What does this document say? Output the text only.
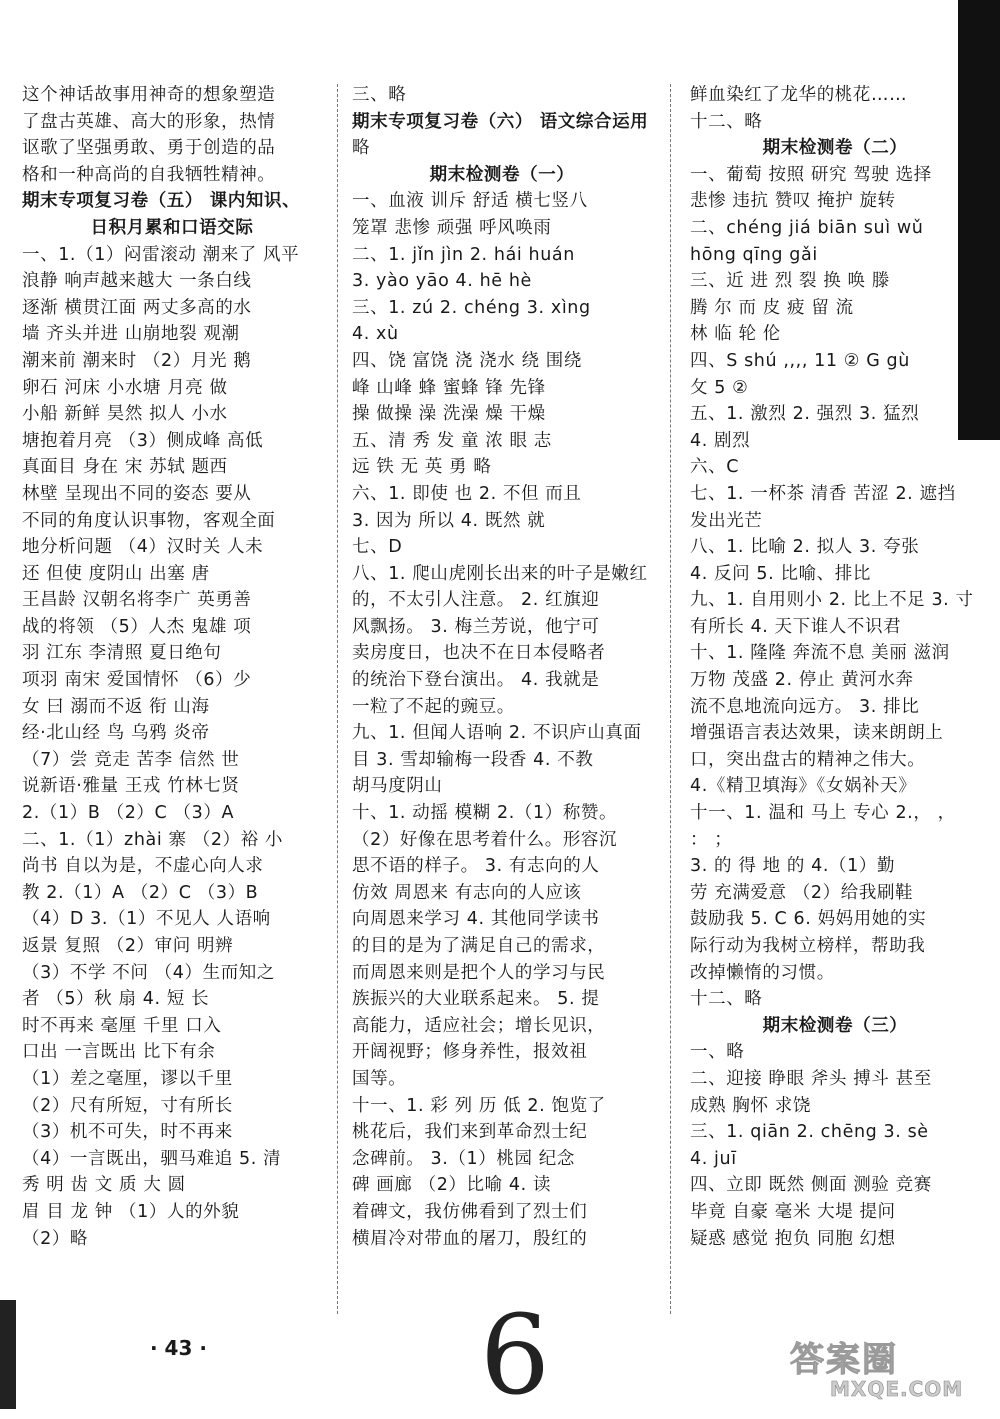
这个神话故事用神奇的想象塑造
了盘古英雄、高大的形象，热情
讴歌了坚强勇敢、勇于创造的品
格和一种高尚的自我牺牲精神。
期末专项复习卷（五） 课内知识、
日积月累和口语交际
一、1.（1）闷雷滚动 潮来了 风平
浪静 响声越来越大 一条白线
逐渐 横贯江面 两丈多高的水
墙 齐头并进 山崩地裂 观潮
潮来前 潮来时 （2）月光 鹅
卵石 河床 小水塘 月亮 做
小船 新鲜 昊然 拟人 小水
塘抱着月亮 （3）侧成峰 高低
真面目 身在 宋 苏轼 题西
林壁 呈现出不同的姿态 要从
不同的角度认识事物，客观全面
地分析问题 （4）汉时关 人未
还 但使 度阴山 出塞 唐
王昌龄 汉朝名将李广 英勇善
战的将领 （5）人杰 鬼雄 项
羽 江东 李清照 夏日绝句
项羽 南宋 爱国情怀 （6）少
女 曰 溺而不返 衔 山海
经·北山经 鸟 乌鸦 炎帝
（7）尝 竞走 苦李 信然 世
说新语·雅量 王戎 竹林七贤
2.（1）B （2）C （3）A
二、1.（1）zhài 寨 （2）裕 小
尚书 自以为是，不虚心向人求
教 2.（1）A （2）C （3）B
（4）D 3.（1）不见人 人语响
返景 复照 （2）审问 明辨
（3）不学 不问 （4）生而知之
者 （5）秋 扇 4. 短 长
时不再来 毫厘 千里 口入
口出 一言既出 比下有余
（1）差之毫厘，谬以千里
（2）尺有所短，寸有所长
（3）机不可失，时不再来
（4）一言既出，驷马难追 5. 清
秀 明 齿 文 质 大 圆
眉 目 龙 钟 （1）人的外貌
（2）略
三、略
期末专项复习卷（六） 语文综合运用
略
期末检测卷（一）
一、血液 训斥 舒适 横七竖八
笼罩 悲惨 顽强 呼风唤雨
二、1. jǐn jìn 2. hái huán
3. yào yāo 4. hē hè
三、1. zú 2. chéng 3. xìng
4. xù
四、饶 富饶 浇 浇水 绕 围绕
峰 山峰 蜂 蜜蜂 锋 先锋
操 做操 澡 洗澡 燥 干燥
五、清 秀 发 童 浓 眼 志
远 铁 无 英 勇 略
六、1. 即使 也 2. 不但 而且
3. 因为 所以 4. 既然 就
七、D
八、1. 爬山虎刚长出来的叶子是嫩红
的，不太引人注意。 2. 红旗迎
风飘扬。 3. 梅兰芳说，他宁可
卖房度日，也决不在日本侵略者
的统治下登台演出。 4. 我就是
一粒了不起的豌豆。
九、1. 但闻人语响 2. 不识庐山真面
目 3. 雪却输梅一段香 4. 不教
胡马度阴山
十、1. 动摇 模糊 2.（1）称赞。
（2）好像在思考着什么。形容沉
思不语的样子。 3. 有志向的人
仿效 周恩来 有志向的人应该
向周恩来学习 4. 其他同学读书
的目的是为了满足自己的需求，
而周恩来则是把个人的学习与民
族振兴的大业联系起来。 5. 提
高能力，适应社会；增长见识，
开阔视野；修身养性，报效祖
国等。
十一、1. 彩 列 历 低 2. 饱览了
桃花后，我们来到革命烈士纪
念碑前。 3.（1）桃园 纪念
碑 画廊 （2）比喻 4. 读
着碑文，我仿佛看到了烈士们
横眉冷对带血的屠刀，殷红的
鲜血染红了龙华的桃花……
十二、略
期末检测卷（二）
一、葡萄 按照 研究 驾驶 选择
悲惨 违抗 赞叹 掩护 旋转
二、chéng jiá biān suì wǔ
hōng qīng gǎi
三、近 进 烈 裂 换 唤 滕
腾 尔 而 皮 疲 留 流
林 临 轮 伦
四、S shú ,,,, 11 ② G gù
攵 5 ②
五、1. 激烈 2. 强烈 3. 猛烈
4. 剧烈
六、C
七、1. 一杯茶 清香 苦涩 2. 遮挡
发出光芒
八、1. 比喻 2. 拟人 3. 夸张
4. 反问 5. 比喻、排比
九、1. 自用则小 2. 比上不足 3. 寸
有所长 4. 天下谁人不识君
十、1. 隆隆 奔流不息 美丽 滋润
万物 茂盛 2. 停止 黄河水奔
流不息地流向远方。 3. 排比
增强语言表达效果，读来朗朗上
口，突出盘古的精神之伟大。
4.《精卫填海》《女娲补天》
十一、1. 温和 马上 专心 2.， ，
： ；
3. 的 得 地 的 4.（1）勤
劳 充满爱意 （2）给我刷鞋
鼓励我 5. C 6. 妈妈用她的实
际行动为我树立榜样，帮助我
改掉懒惰的习惯。
十二、略
期末检测卷（三）
一、略
二、迎接 睁眼 斧头 搏斗 甚至
成熟 胸怀 求饶
三、1. qiān 2. chēng 3. sè
4. juī
四、立即 既然 侧面 测验 竞赛
毕竟 自豪 毫米 大堤 提问
疑惑 感觉 抱负 同胞 幻想
· 43 · 6	答案圈
MXQE.COM
